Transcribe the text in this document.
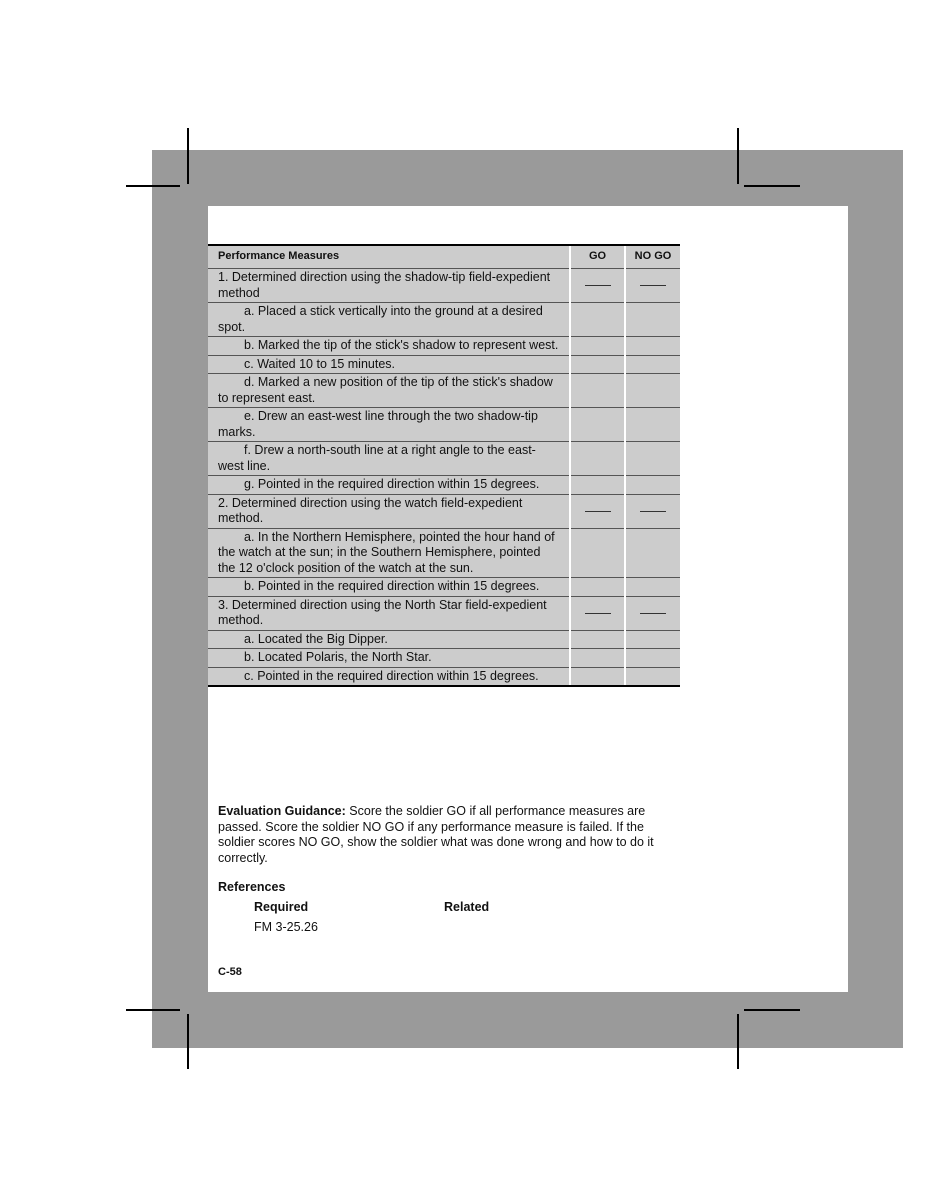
Performance Measures	GO	NO GO
1. Determined direction using the shadow-tip field-expedient method		
a. Placed a stick vertically into the ground at a desired spot.		
b. Marked the tip of the stick's shadow to represent west.		
c. Waited 10 to 15 minutes.		
d. Marked a new position of the tip of the stick's shadow to represent east.		
e. Drew an east-west line through the two shadow-tip marks.		
f. Drew a north-south line at a right angle to the east-west line.		
g. Pointed in the required direction within 15 degrees.		
2. Determined direction using the watch field-expedient method.		
a. In the Northern Hemisphere, pointed the hour hand of the watch at the sun; in the Southern Hemisphere, pointed the 12 o'clock position of the watch at the sun.		
b. Pointed in the required direction within 15 degrees.		
3. Determined direction using the North Star field-expedient method.		
a. Located the Big Dipper.		
b. Located Polaris, the North Star.		
c. Pointed in the required direction within 15 degrees.		
Evaluation Guidance: Score the soldier GO if all performance measures are passed. Score the soldier NO GO if any performance measure is failed. If the soldier scores NO GO, show the soldier what was done wrong and how to do it correctly.
References
Required	Related
FM 3-25.26
C-58
